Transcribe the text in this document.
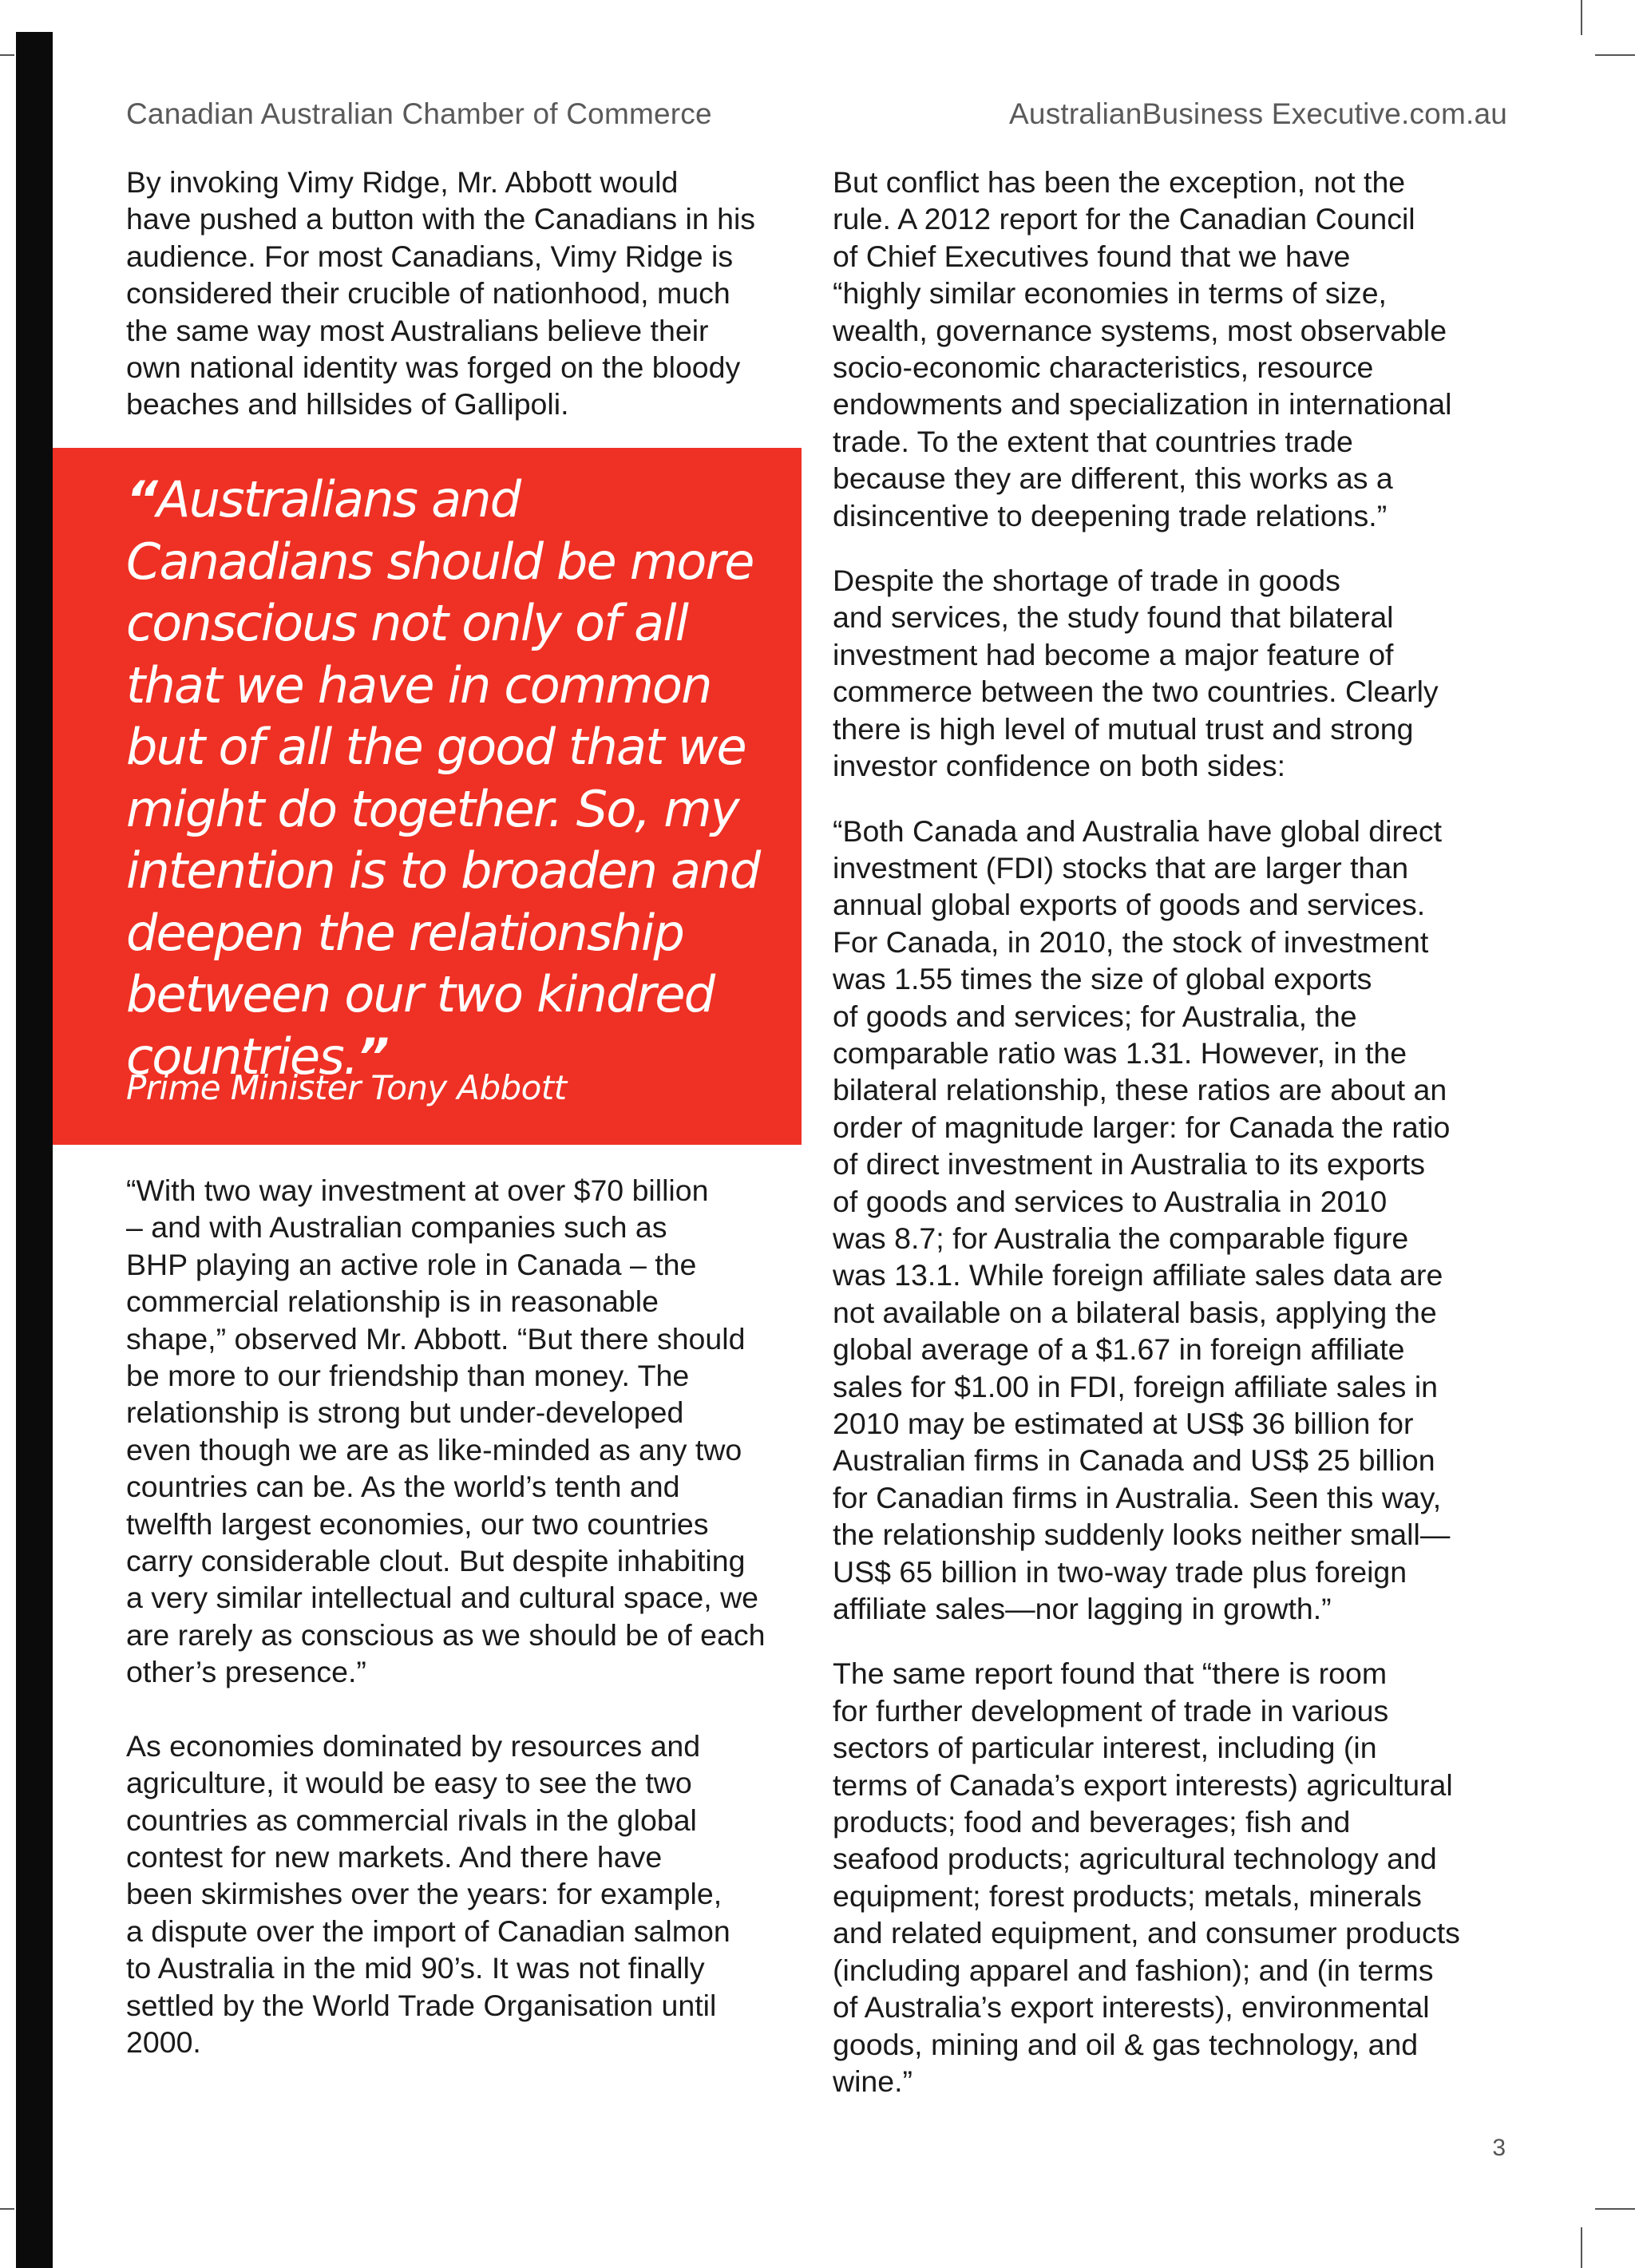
Canadian Australian Chamber of Commerce	AustralianBusiness Executive.com.au

By invoking Vimy Ridge, Mr. Abbott would
have pushed a button with the Canadians in his
audience. For most Canadians, Vimy Ridge is
considered their crucible of nationhood, much
the same way most Australians believe their
own national identity was forged on the bloody
beaches and hillsides of Gallipoli.

“Australians and
Canadians should be more
conscious not only of all
that we have in common
but of all the good that we
might do together. So, my
intention is to broaden and
deepen the relationship
between our two kindred
countries.”
Prime Minister Tony Abbott

“With two way investment at over $70 billion
– and with Australian companies such as
BHP playing an active role in Canada – the
commercial relationship is in reasonable
shape,” observed Mr. Abbott. “But there should
be more to our friendship than money. The
relationship is strong but under-developed
even though we are as like-minded as any two
countries can be. As the world’s tenth and
twelfth largest economies, our two countries
carry considerable clout. But despite inhabiting
a very similar intellectual and cultural space, we
are rarely as conscious as we should be of each
other’s presence.”

As economies dominated by resources and
agriculture, it would be easy to see the two
countries as commercial rivals in the global
contest for new markets. And there have
been skirmishes over the years: for example,
a dispute over the import of Canadian salmon
to Australia in the mid 90’s. It was not finally
settled by the World Trade Organisation until
2000.

But conflict has been the exception, not the
rule. A 2012 report for the Canadian Council
of Chief Executives found that we have
“highly similar economies in terms of size,
wealth, governance systems, most observable
socio-economic characteristics, resource
endowments and specialization in international
trade. To the extent that countries trade
because they are different, this works as a
disincentive to deepening trade relations.”

Despite the shortage of trade in goods
and services, the study found that bilateral
investment had become a major feature of
commerce between the two countries. Clearly
there is high level of mutual trust and strong
investor confidence on both sides:

“Both Canada and Australia have global direct
investment (FDI) stocks that are larger than
annual global exports of goods and services.
For Canada, in 2010, the stock of investment
was 1.55 times the size of global exports
of goods and services; for Australia, the
comparable ratio was 1.31. However, in the
bilateral relationship, these ratios are about an
order of magnitude larger: for Canada the ratio
of direct investment in Australia to its exports
of goods and services to Australia in 2010
was 8.7; for Australia the comparable figure
was 13.1. While foreign affiliate sales data are
not available on a bilateral basis, applying the
global average of a $1.67 in foreign affiliate
sales for $1.00 in FDI, foreign affiliate sales in
2010 may be estimated at US$ 36 billion for
Australian firms in Canada and US$ 25 billion
for Canadian firms in Australia. Seen this way,
the relationship suddenly looks neither small—
US$ 65 billion in two-way trade plus foreign
affiliate sales—nor lagging in growth.”

The same report found that “there is room
for further development of trade in various
sectors of particular interest, including (in
terms of Canada’s export interests) agricultural
products; food and beverages; fish and
seafood products; agricultural technology and
equipment; forest products; metals, minerals
and related equipment, and consumer products
(including apparel and fashion); and (in terms
of Australia’s export interests), environmental
goods, mining and oil & gas technology, and
wine.”

3
